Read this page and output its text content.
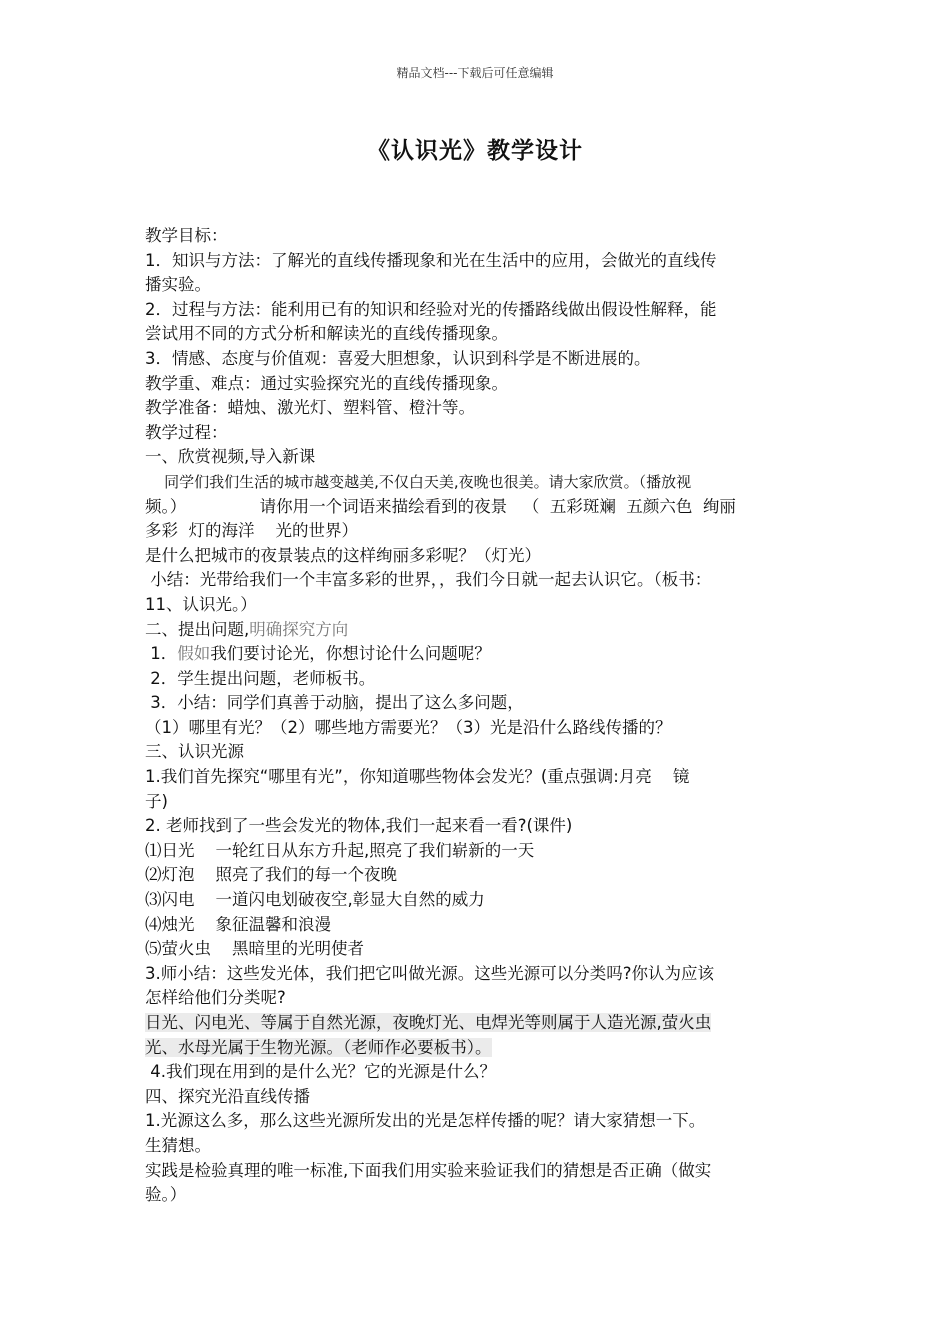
精品文档---下载后可任意编辑
《认识光》教学设计
教学目标：
1．知识与方法：了解光的直线传播现象和光在生活中的应用，会做光的直线传
播实验。
2．过程与方法：能利用已有的知识和经验对光的传播路线做出假设性解释，能
尝试用不同的方式分析和解读光的直线传播现象。
3．情感、态度与价值观：喜爱大胆想象，认识到科学是不断进展的。
教学重、难点：通过实验探究光的直线传播现象。
教学准备：蜡烛、激光灯、塑料管、橙汁等。
教学过程：
一、欣赏视频,导入新课
同学们我们生活的城市越变越美,不仅白天美,夜晚也很美。请大家欣赏。（播放视
频。）              请你用一个词语来描绘看到的夜景   （  五彩斑斓  五颜六色  绚丽
多彩  灯的海洋    光的世界）
是什么把城市的夜景装点的这样绚丽多彩呢？（灯光）
小结：光带给我们一个丰富多彩的世界，，我们今日就一起去认识它。（板书：
11、认识光。）
二、提出问题,明确探究方向
1．假如我们要讨论光，你想讨论什么问题呢？
2．学生提出问题，老师板书。
3．小结：同学们真善于动脑，提出了这么多问题，
（1）哪里有光？（2）哪些地方需要光？（3）光是沿什么路线传播的？
三、认识光源
1.我们首先探究“哪里有光”，你知道哪些物体会发光？(重点强调:月亮    镜
子)
2. 老师找到了一些会发光的物体,我们一起来看一看?(课件)
⑴日光    一轮红日从东方升起,照亮了我们崭新的一天
⑵灯泡    照亮了我们的每一个夜晚
⑶闪电    一道闪电划破夜空,彰显大自然的威力
⑷烛光    象征温馨和浪漫
⑸萤火虫    黑暗里的光明使者
3.师小结：这些发光体，我们把它叫做光源。这些光源可以分类吗?你认为应该
怎样给他们分类呢?
日光、闪电光、等属于自然光源，夜晚灯光、电焊光等则属于人造光源,萤火虫
光、水母光属于生物光源。（老师作必要板书）。
4.我们现在用到的是什么光？它的光源是什么？
四、探究光沿直线传播
1.光源这么多，那么这些光源所发出的光是怎样传播的呢？请大家猜想一下。
生猜想。
实践是检验真理的唯一标准,下面我们用实验来验证我们的猜想是否正确（做实
验。）
